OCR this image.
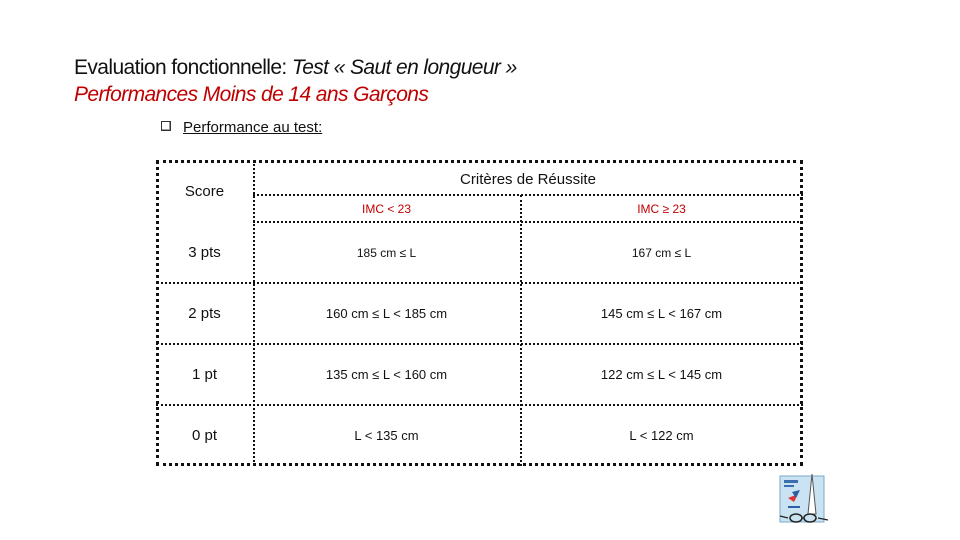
Evaluation fonctionnelle: Test « Saut en longueur »
Performances Moins de 14 ans Garçons
Performance au test:
Score
Critères de Réussite
IMC < 23	IMC ≥ 23
3 pts	185 cm ≤ L	167 cm ≤ L
2 pts	160 cm ≤ L < 185 cm	145 cm ≤ L < 167 cm
1 pt	135 cm ≤ L < 160 cm	122 cm ≤ L < 145 cm
0 pt	L < 135 cm	L < 122 cm
